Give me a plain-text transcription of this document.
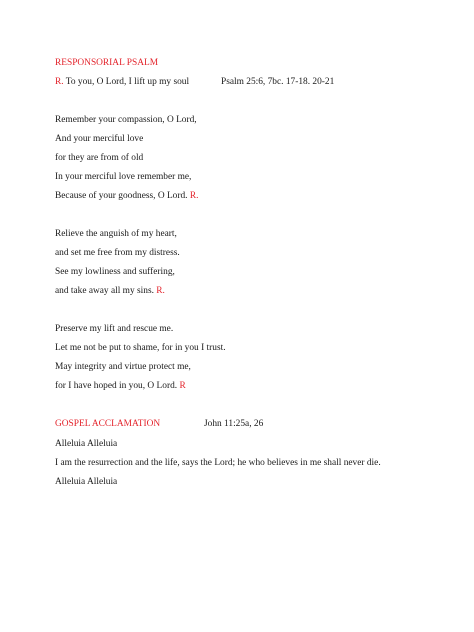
RESPONSORIAL PSALM
R. To you, O Lord, I lift up my soul	Psalm 25:6, 7bc. 17-18. 20-21
Remember your compassion, O Lord,
And your merciful love
for they are from of old
In your merciful love remember me,
Because of your goodness, O Lord. R.
Relieve the anguish of my heart,
and set me free from my distress.
See my lowliness and suffering,
and take away all my sins. R.
Preserve my lift and rescue me.
Let me not be put to shame, for in you I trust.
May integrity and virtue protect me,
for I have hoped in you, O Lord. R
GOSPEL ACCLAMATION	John 11:25a, 26
Alleluia Alleluia
I am the resurrection and the life, says the Lord; he who believes in me shall never die.
Alleluia Alleluia
